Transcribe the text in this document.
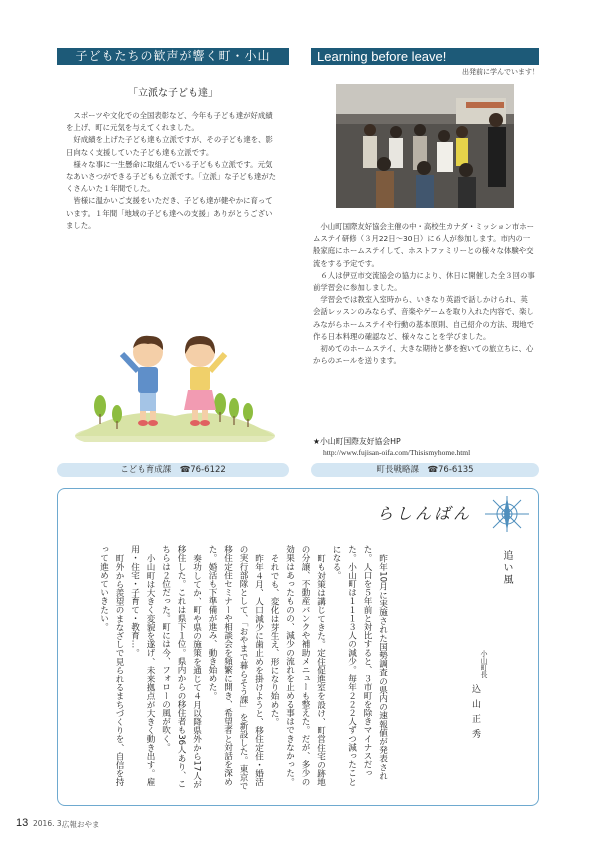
子どもたちの歓声が響く町・小山
「立派な子ども達」

スポーツや文化での全国表彰など、今年も子ども達が好成績を上げ、町に元気を与えてくれました。

好成績を上げた子ども達も立派ですが、その子ども達を、影日向なく支援していた子ども達も立派です。

様々な事に一生懸命に取組んでいる子どもも立派です。元気なあいさつができる子どもも立派です。「立派」な子ども達がたくさんいた１年間でした。

皆様に温かいご支援をいただき、子ども達が健やかに育っています。１年間「地域の子ども達への支援」ありがとうございました。

こども育成課　☎76‑6122
Learning before leave!
出発前に学んでいます！

小山町国際友好協会主催の中・高校生カナダ・ミッション市ホームステイ研修（３月22日〜30日）に６人が参加します。市内の一般家庭にホームステイして、ホストファミリーとの様々な体験や交流をする予定です。

６人は伊豆市交流協会の協力により、休日に開催した全３回の事前学習会に参加しました。

学習会では教室入室時から、いきなり英語で話しかけられ、英会話レッスンのみならず、音楽やゲームを取り入れた内容で、楽しみながらホームステイや行動の基本原則、自己紹介の方法、現地で作る日本料理の確認など、様々なことを学びました。

初めてのホームステイ、大きな期待と夢を抱いての旅立ちに、心からのエールを送ります。

★小山町国際友好協会HP
http://www.fujisan-oifa.com/Thisismyhome.html
町長戦略課　☎76‑6135
らしんばん
追い風
小山町長
込山正秀

昨年10月に実施された国勢調査の県内の速報値が発表された。人口を５年前と対比すると、３市町を除きマイナスだった。小山町は１１１３人の減少。毎年２２２人ずつ減ったことになる。

町も対策は講じてきた。定住促進室を設け、町営住宅の跡地の分譲、不動産バンクや補助メニューも整えた。だが、多少の効果はあったものの、減少の流れを止める事はできなかった。

それでも、変化は芽生え、形になり始めた。

昨年４月、人口減少に歯止めを掛けようと、移住定住・婚活の実行部隊として、「おやまで暮らそう課」を新設した。東京で移住定住セミナーや相談会を頻繁に開き、希望者と対話を深めた。婚活も下準備が進み、動き始めた。

奏功してか、町や県の施策を通じて４月以降県外から17人が移住した。これは県下１位。県内からの移住者も36人あり、こちらは２位だった。町には今、フォローの風が吹く。

小山町は大きく変貌を遂げ、未来拠点が大きく動き出す。雇用・住宅・子育て・教育…。

町外から羨望のまなざしで見られるまちづくりを、自信を持って進めていきたい。

13 2016. 3.
広報おやま
